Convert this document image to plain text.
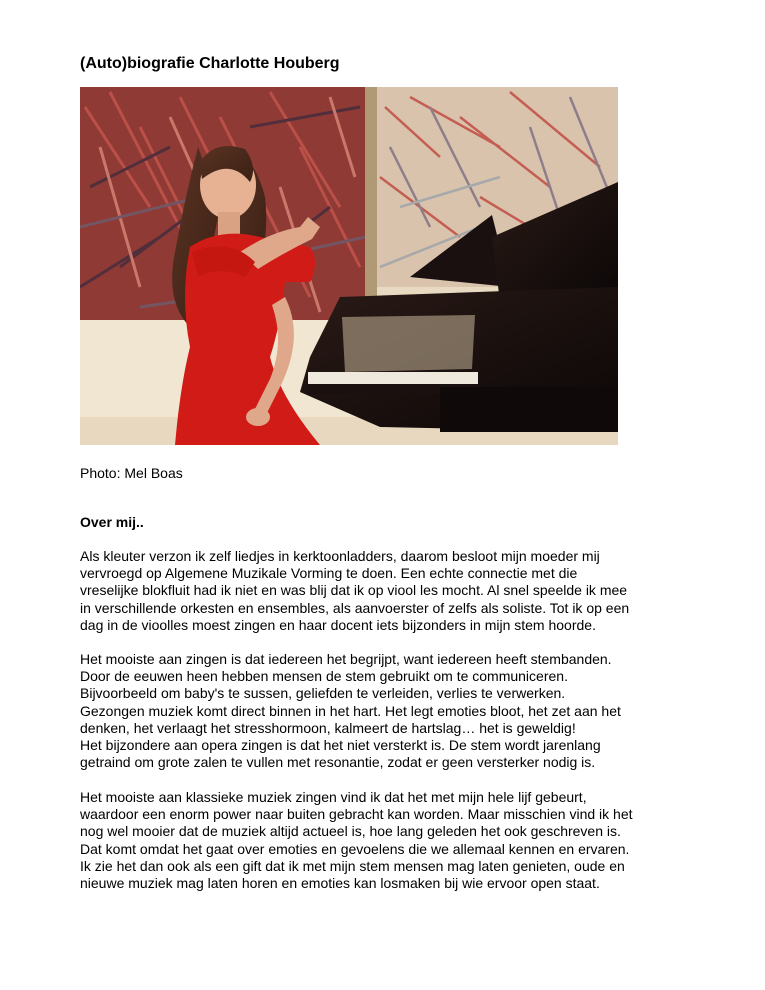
(Auto)biografie Charlotte Houberg

Photo: Mel Boas

Over mij..

Als kleuter verzon ik zelf liedjes in kerktoonladders, daarom besloot mijn moeder mij
vervroegd op Algemene Muzikale Vorming te doen. Een echte connectie met die
vreselijke blokfluit had ik niet en was blij dat ik op viool les mocht. Al snel speelde ik mee
in verschillende orkesten en ensembles, als aanvoerster of zelfs als soliste. Tot ik op een
dag in de vioolles moest zingen en haar docent iets bijzonders in mijn stem hoorde.

Het mooiste aan zingen is dat iedereen het begrijpt, want iedereen heeft stembanden.
Door de eeuwen heen hebben mensen de stem gebruikt om te communiceren.
Bijvoorbeeld om baby's te sussen, geliefden te verleiden, verlies te verwerken.
Gezongen muziek komt direct binnen in het hart. Het legt emoties bloot, het zet aan het
denken, het verlaagt het stresshormoon, kalmeert de hartslag… het is geweldig!
Het bijzondere aan opera zingen is dat het niet versterkt is. De stem wordt jarenlang
getraind om grote zalen te vullen met resonantie, zodat er geen versterker nodig is.

Het mooiste aan klassieke muziek zingen vind ik dat het met mijn hele lijf gebeurt,
waardoor een enorm power naar buiten gebracht kan worden. Maar misschien vind ik het
nog wel mooier dat de muziek altijd actueel is, hoe lang geleden het ook geschreven is.
Dat komt omdat het gaat over emoties en gevoelens die we allemaal kennen en ervaren.
Ik zie het dan ook als een gift dat ik met mijn stem mensen mag laten genieten, oude en
nieuwe muziek mag laten horen en emoties kan losmaken bij wie ervoor open staat.
